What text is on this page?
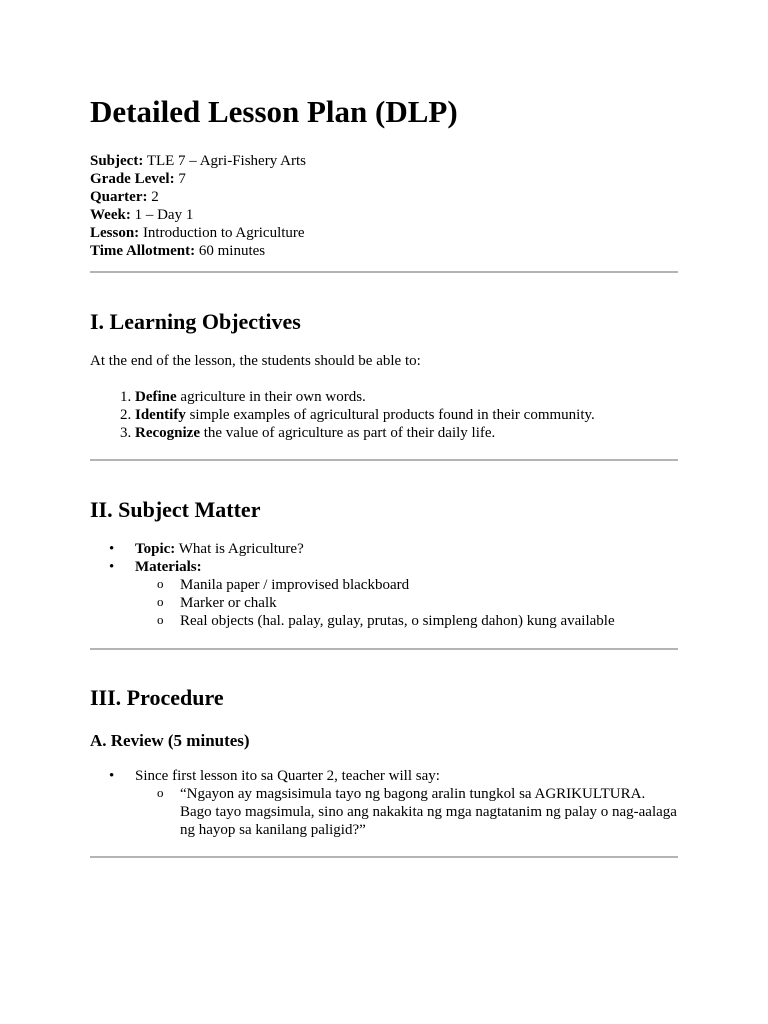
Detailed Lesson Plan (DLP)
Subject: TLE 7 – Agri-Fishery Arts
Grade Level: 7
Quarter: 2
Week: 1 – Day 1
Lesson: Introduction to Agriculture
Time Allotment: 60 minutes
I. Learning Objectives

At the end of the lesson, the students should be able to:

1. Define agriculture in their own words.
2. Identify simple examples of agricultural products found in their community.
3. Recognize the value of agriculture as part of their daily life.
II. Subject Matter
• Topic: What is Agriculture?
• Materials:
o Manila paper / improvised blackboard
o Marker or chalk
o Real objects (hal. palay, gulay, prutas, o simpleng dahon) kung available
III. Procedure
A. Review (5 minutes)
• Since first lesson ito sa Quarter 2, teacher will say:
o “Ngayon ay magsisimula tayo ng bagong aralin tungkol sa AGRIKULTURA. Bago tayo magsimula, sino ang nakakita ng mga nagtatanim ng palay o nag-aalaga ng hayop sa kanilang paligid?”
